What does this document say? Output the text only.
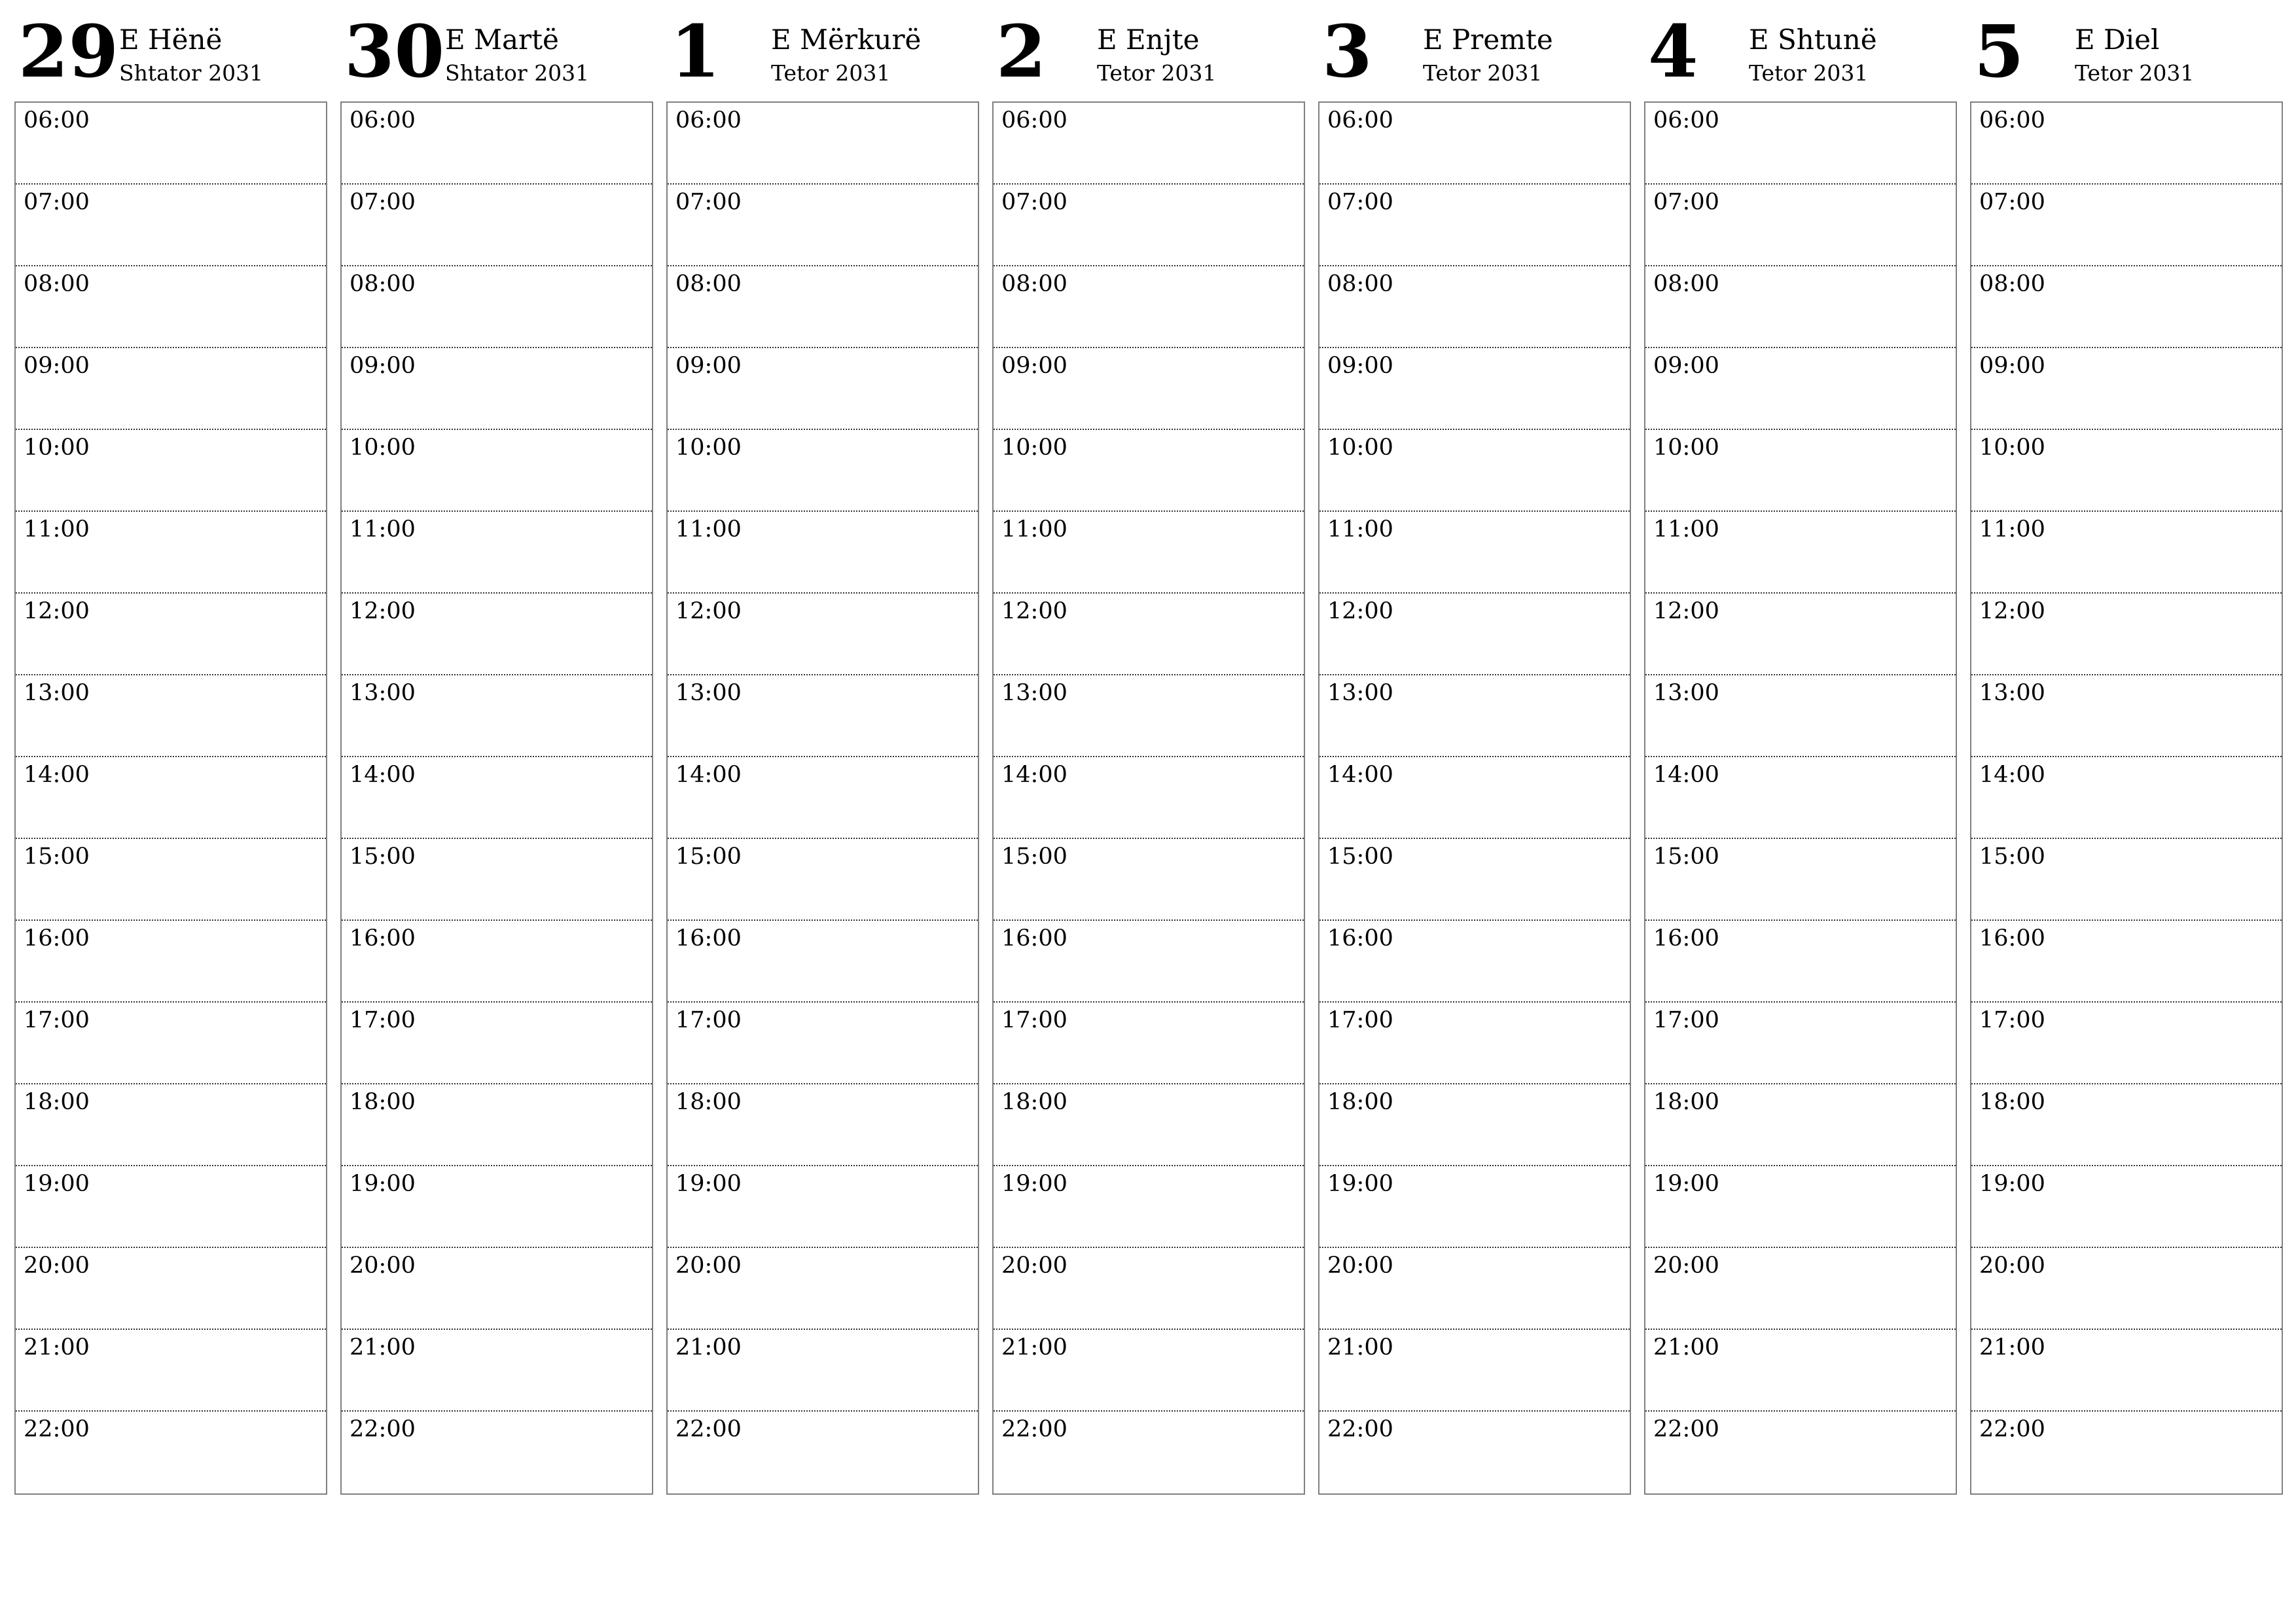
29 E Hënë
Shtator 2031
06:00
07:00
08:00
09:00
10:00
11:00
12:00
13:00
14:00
15:00
16:00
17:00
18:00
19:00
20:00
21:00
22:00
30 E Martë
Shtator 2031
06:00
07:00
08:00
09:00
10:00
11:00
12:00
13:00
14:00
15:00
16:00
17:00
18:00
19:00
20:00
21:00
22:00
1 E Mërkurë
Tetor 2031
06:00
07:00
08:00
09:00
10:00
11:00
12:00
13:00
14:00
15:00
16:00
17:00
18:00
19:00
20:00
21:00
22:00
2 E Enjte
Tetor 2031
06:00
07:00
08:00
09:00
10:00
11:00
12:00
13:00
14:00
15:00
16:00
17:00
18:00
19:00
20:00
21:00
22:00
3 E Premte
Tetor 2031
06:00
07:00
08:00
09:00
10:00
11:00
12:00
13:00
14:00
15:00
16:00
17:00
18:00
19:00
20:00
21:00
22:00
4 E Shtunë
Tetor 2031
06:00
07:00
08:00
09:00
10:00
11:00
12:00
13:00
14:00
15:00
16:00
17:00
18:00
19:00
20:00
21:00
22:00
5 E Diel
Tetor 2031
06:00
07:00
08:00
09:00
10:00
11:00
12:00
13:00
14:00
15:00
16:00
17:00
18:00
19:00
20:00
21:00
22:00
